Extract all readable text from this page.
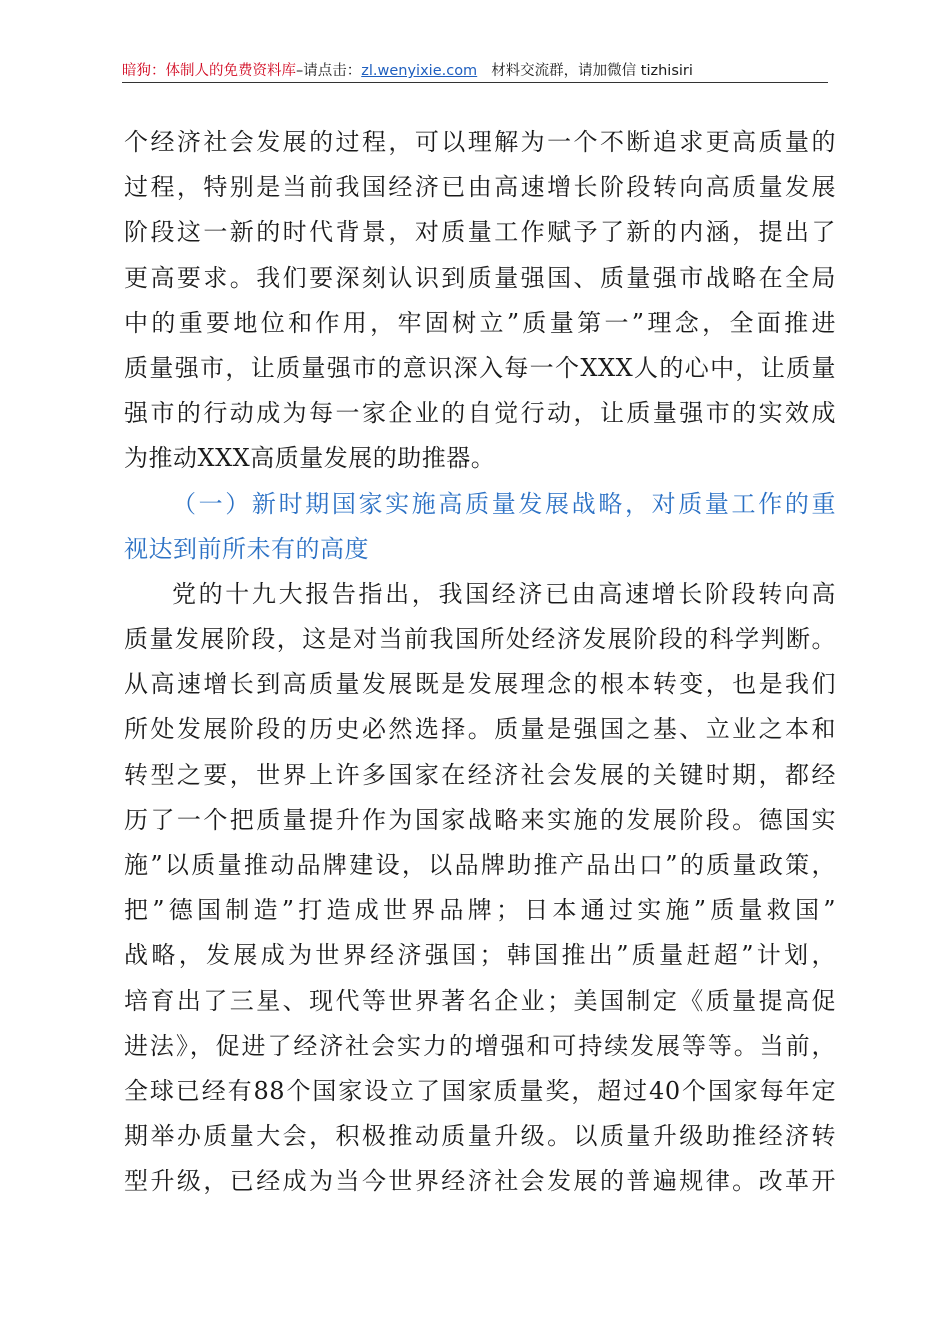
暗狗：体制人的免费资料库–请点击：zl.wenyixie.com 材料交流群，请加微信 tizhisiri
个经济社会发展的过程，可以理解为一个不断追求更高质量的
过程，特别是当前我国经济已由高速增长阶段转向高质量发展
阶段这一新的时代背景，对质量工作赋予了新的内涵，提出了
更高要求。我们要深刻认识到质量强国、质量强市战略在全局
中的重要地位和作用，牢固树立”质量第一”理念，全面推进
质量强市，让质量强市的意识深入每一个XXX人的心中，让质量
强市的行动成为每一家企业的自觉行动，让质量强市的实效成
为推动XXX高质量发展的助推器。
（一）新时期国家实施高质量发展战略，对质量工作的重
视达到前所未有的高度
党的十九大报告指出，我国经济已由高速增长阶段转向高
质量发展阶段，这是对当前我国所处经济发展阶段的科学判断。
从高速增长到高质量发展既是发展理念的根本转变，也是我们
所处发展阶段的历史必然选择。质量是强国之基、立业之本和
转型之要，世界上许多国家在经济社会发展的关键时期，都经
历了一个把质量提升作为国家战略来实施的发展阶段。德国实
施”以质量推动品牌建设，以品牌助推产品出口”的质量政策，
把”德国制造”打造成世界品牌；日本通过实施”质量救国”
战略，发展成为世界经济强国；韩国推出”质量赶超”计划，
培育出了三星、现代等世界著名企业；美国制定《质量提高促
进法》，促进了经济社会实力的增强和可持续发展等等。当前，
全球已经有88个国家设立了国家质量奖，超过40个国家每年定
期举办质量大会，积极推动质量升级。以质量升级助推经济转
型升级，已经成为当今世界经济社会发展的普遍规律。改革开
